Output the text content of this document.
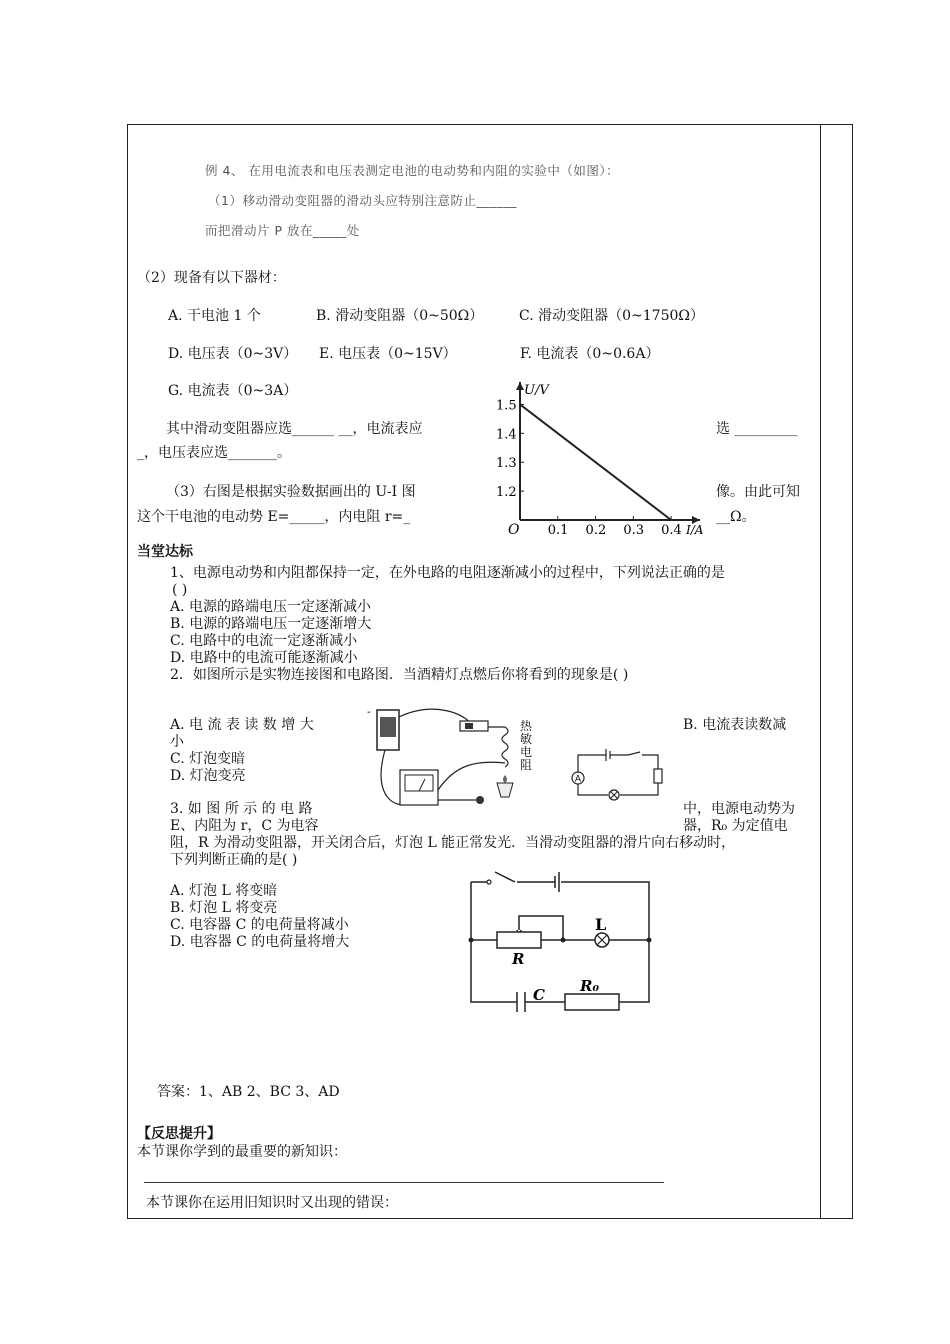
例 4、 在用电流表和电压表测定电池的电动势和内阻的实验中（如图）：
（1）移动滑动变阻器的滑动头应特别注意防止______
而把滑动片 P 放在_____处
（2）现备有以下器材：
A. 干电池 1 个	B. 滑动变阻器（0~50Ω）	C. 滑动变阻器（0~1750Ω）
D. 电压表（0~3V） E. 电压表（0~15V）	F. 电流表（0~0.6A）
G. 电流表（0~3A）
其中滑动变阻器应选______ __，电流表应	选 _________
_，电压表应选_______。
（3）右图是根据实验数据画出的 U-I 图	像。由此可知
这个干电池的电动势 E=_____，内电阻 r=_	__Ω。
1.5
1.4
1.3
1.2
0.1 0.2 0.3 0.4
O
U/V
I/A
当堂达标
1、电源电动势和内阻都保持一定，在外电路的电阻逐渐减小的过程中，下列说法正确的是
( )
A. 电源的路端电压一定逐渐减小
B. 电源的路端电压一定逐渐增大
C. 电路中的电流一定逐渐减小
D. 电路中的电流可能逐渐减小
2．如图所示是实物连接图和电路图．当酒精灯点燃后你将看到的现象是( )
A. 电 流 表 读 数 增 大	B. 电流表读数减
小
C. 灯泡变暗
D. 灯泡变亮
-
热
敏
电
阻
A
3. 如 图 所 示 的 电 路	中，电源电动势为
E、内阻为 r，C 为电容	器，R₀ 为定值电
阻，R 为滑动变阻器，开关闭合后，灯泡 L 能正常发光．当滑动变阻器的滑片向右移动时，
下列判断正确的是( )
A. 灯泡 L 将变暗
B. 灯泡 L 将变亮
C. 电容器 C 的电荷量将减小
D. 电容器 C 的电荷量将增大
R
L
C R₀
答案：1、AB 2、BC 3、AD
【反思提升】
本节课你学到的最重要的新知识：
本节课你在运用旧知识时又出现的错误：
